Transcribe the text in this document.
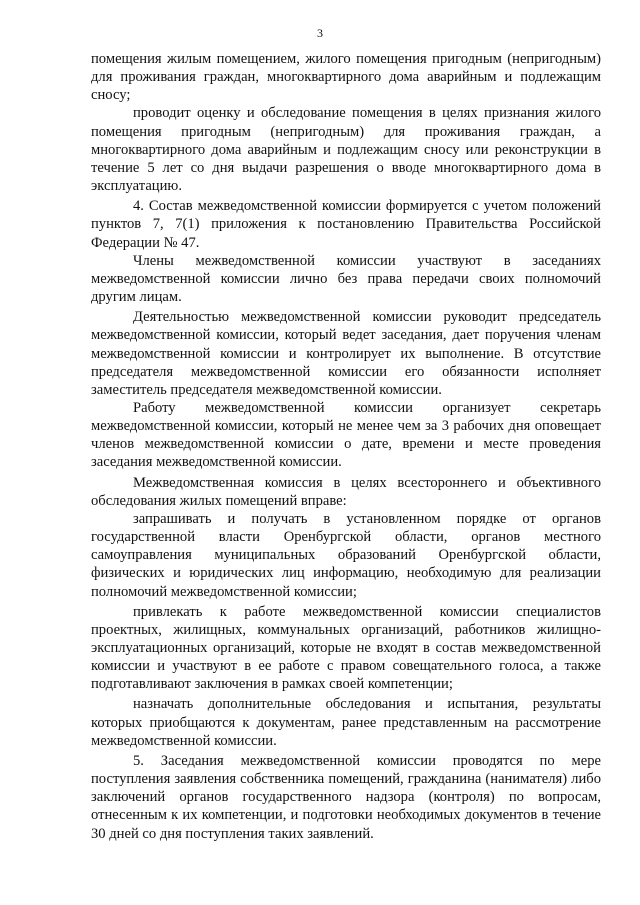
3

помещения жилым помещением, жилого помещения пригодным (непригодным) для проживания граждан, многоквартирного дома аварийным и подлежащим сносу;

проводит оценку и обследование помещения в целях признания жилого помещения пригодным (непригодным) для проживания граждан, а многоквартирного дома аварийным и подлежащим сносу или реконструкции в течение 5 лет со дня выдачи разрешения о вводе многоквартирного дома в эксплуатацию.

4. Состав межведомственной комиссии формируется с учетом положений пунктов 7, 7(1) приложения к постановлению Правительства Российской Федерации № 47.

Члены межведомственной комиссии участвуют в заседаниях межведомственной комиссии лично без права передачи своих полномочий другим лицам.

Деятельностью межведомственной комиссии руководит председатель межведомственной комиссии, который ведет заседания, дает поручения членам межведомственной комиссии и контролирует их выполнение. В отсутствие председателя межведомственной комиссии его обязанности исполняет заместитель председателя межведомственной комиссии.

Работу межведомственной комиссии организует секретарь межведомственной комиссии, который не менее чем за 3 рабочих дня оповещает членов межведомственной комиссии о дате, времени и месте проведения заседания межведомственной комиссии.

Межведомственная комиссия в целях всестороннего и объективного обследования жилых помещений вправе:

запрашивать и получать в установленном порядке от органов государственной власти Оренбургской области, органов местного самоуправления муниципальных образований Оренбургской области, физических и юридических лиц информацию, необходимую для реализации полномочий межведомственной комиссии;

привлекать к работе межведомственной комиссии специалистов проектных, жилищных, коммунальных организаций, работников жилищно-эксплуатационных организаций, которые не входят в состав межведомственной комиссии и участвуют в ее работе с правом совещательного голоса, а также подготавливают заключения в рамках своей компетенции;

назначать дополнительные обследования и испытания, результаты которых приобщаются к документам, ранее представленным на рассмотрение межведомственной комиссии.

5. Заседания межведомственной комиссии проводятся по мере поступления заявления собственника помещений, гражданина (нанимателя) либо заключений органов государственного надзора (контроля) по вопросам, отнесенным к их компетенции, и подготовки необходимых документов в течение 30 дней со дня поступления таких заявлений.
